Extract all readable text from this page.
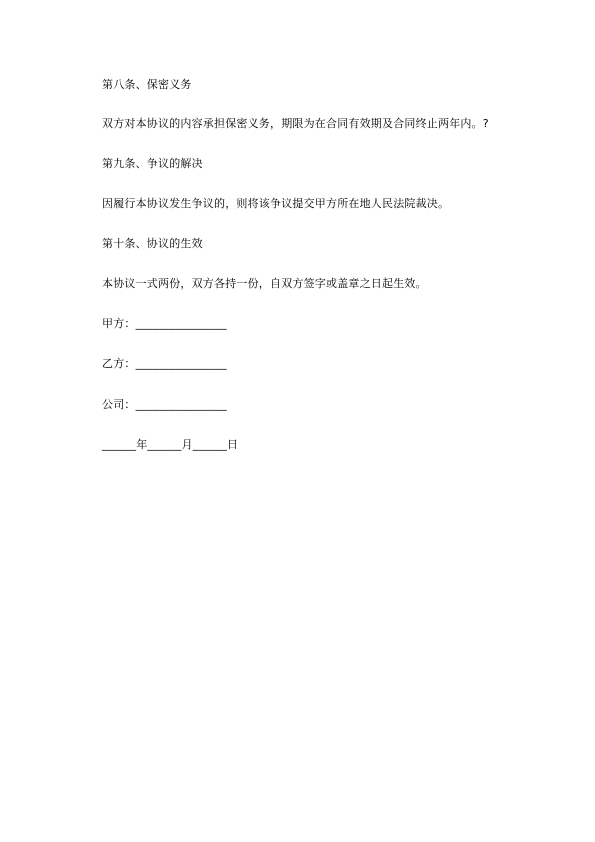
第八条、保密义务
双方对本协议的内容承担保密义务，期限为在合同有效期及合同终止两年内。?
第九条、争议的解决
因履行本协议发生争议的，则将该争议提交甲方所在地人民法院裁决。
第十条、协议的生效
本协议一式两份，双方各持一份，自双方签字或盖章之日起生效。
甲方：________________
乙方：________________
公司：________________
______年______月______日
